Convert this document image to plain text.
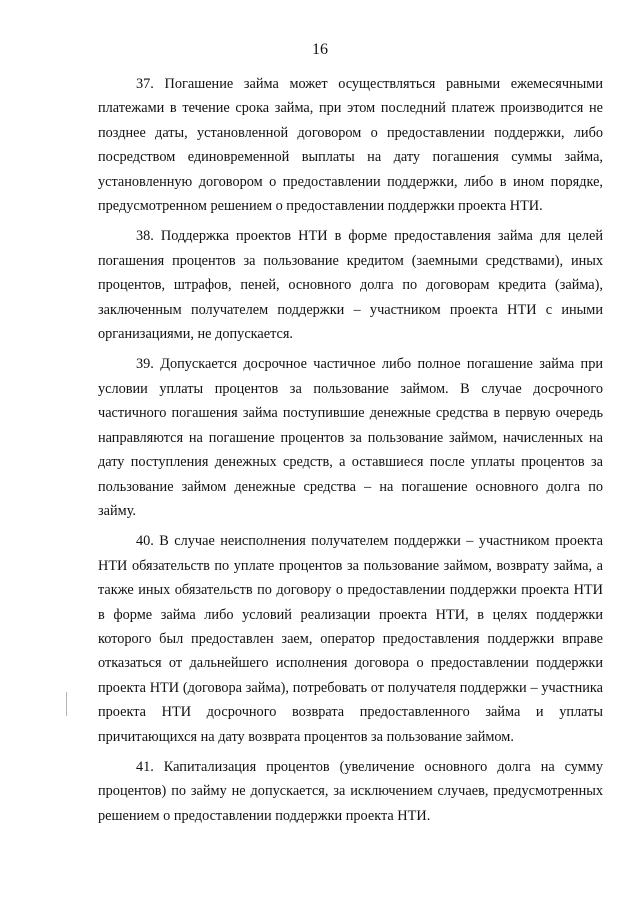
16

37. Погашение займа может осуществляться равными ежемесячными платежами в течение срока займа, при этом последний платеж производится не позднее даты, установленной договором о предоставлении поддержки, либо посредством единовременной выплаты на дату погашения суммы займа, установленную договором о предоставлении поддержки, либо в ином порядке, предусмотренном решением о предоставлении поддержки проекта НТИ.

38. Поддержка проектов НТИ в форме предоставления займа для целей погашения процентов за пользование кредитом (заемными средствами), иных процентов, штрафов, пеней, основного долга по договорам кредита (займа), заключенным получателем поддержки – участником проекта НТИ с иными организациями, не допускается.

39. Допускается досрочное частичное либо полное погашение займа при условии уплаты процентов за пользование займом. В случае досрочного частичного погашения займа поступившие денежные средства в первую очередь направляются на погашение процентов за пользование займом, начисленных на дату поступления денежных средств, а оставшиеся после уплаты процентов за пользование займом денежные средства – на погашение основного долга по займу.

40. В случае неисполнения получателем поддержки – участником проекта НТИ обязательств по уплате процентов за пользование займом, возврату займа, а также иных обязательств по договору о предоставлении поддержки проекта НТИ в форме займа либо условий реализации проекта НТИ, в целях поддержки которого был предоставлен заем, оператор предоставления поддержки вправе отказаться от дальнейшего исполнения договора о предоставлении поддержки проекта НТИ (договора займа), потребовать от получателя поддержки – участника проекта НТИ досрочного возврата предоставленного займа и уплаты причитающихся на дату возврата процентов за пользование займом.

41. Капитализация процентов (увеличение основного долга на сумму процентов) по займу не допускается, за исключением случаев, предусмотренных решением о предоставлении поддержки проекта НТИ.
